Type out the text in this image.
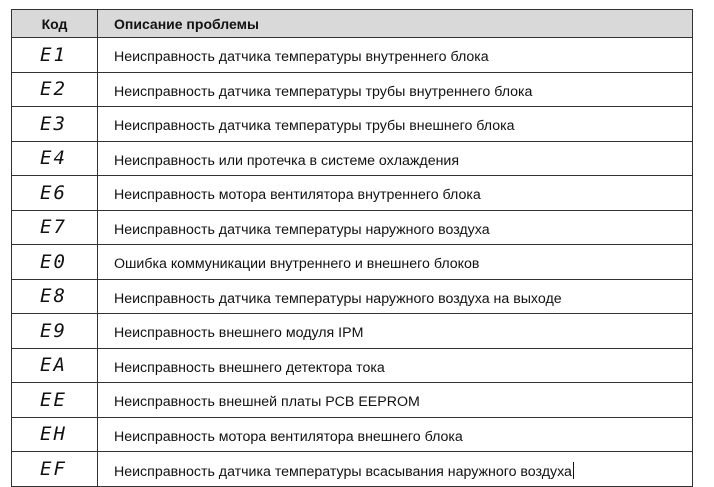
Код	Описание проблемы
E1	Неисправность датчика температуры внутреннего блока
E2	Неисправность датчика температуры трубы внутреннего блока
E3	Неисправность датчика температуры трубы внешнего блока
E4	Неисправность или протечка в системе охлаждения
E6	Неисправность мотора вентилятора внутреннего блока
E7	Неисправность датчика температуры наружного воздуха
E0	Ошибка коммуникации внутреннего и внешнего блоков
E8	Неисправность датчика температуры наружного воздуха на выходе
E9	Неисправность внешнего модуля IPM
EA	Неисправность внешнего детектора тока
EE	Неисправность внешней платы PCB EEPROM
EH	Неисправность мотора вентилятора внешнего блока
EF	Неисправность датчика температуры всасывания наружного воздуха
